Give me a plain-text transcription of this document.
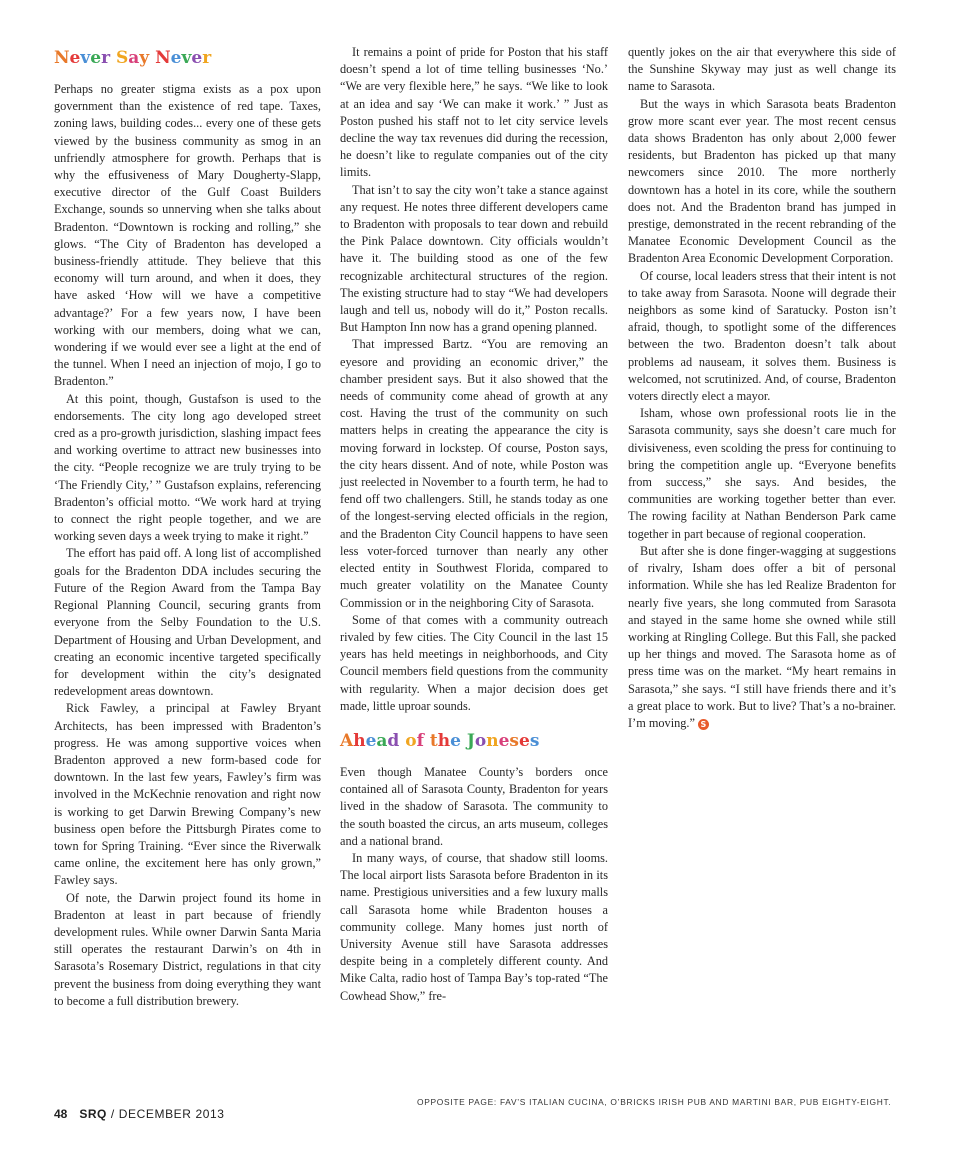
Never Say Never

Perhaps no greater stigma exists as a pox upon government than the existence of red tape. Taxes, zoning laws, building codes... every one of these gets viewed by the business community as smog in an unfriendly atmosphere for growth. Perhaps that is why the effusiveness of Mary Dougherty-Slapp, executive director of the Gulf Coast Builders Exchange, sounds so unnerving when she talks about Bradenton. “Downtown is rocking and rolling,” she glows. “The City of Bradenton has developed a business-friendly attitude. They believe that this economy will turn around, and when it does, they have asked ‘How will we have a competitive advantage?’ For a few years now, I have been working with our members, doing what we can, wondering if we would ever see a light at the end of the tunnel. When I need an injection of mojo, I go to Bradenton.”

At this point, though, Gustafson is used to the endorsements. The city long ago developed street cred as a pro-growth jurisdiction, slashing impact fees and working overtime to attract new businesses into the city. “People recognize we are truly trying to be ‘The Friendly City,’ ” Gustafson explains, referencing Bradenton’s official motto. “We work hard at trying to connect the right people together, and we are working seven days a week trying to make it right.”

The effort has paid off. A long list of accomplished goals for the Bradenton DDA includes securing the Future of the Region Award from the Tampa Bay Regional Planning Council, securing grants from everyone from the Selby Foundation to the U.S. Department of Housing and Urban Development, and creating an economic incentive targeted specifically for development within the city’s designated redevelopment areas downtown.

Rick Fawley, a principal at Fawley Bryant Architects, has been impressed with Bradenton’s progress. He was among supportive voices when Bradenton approved a new form-based code for downtown. In the last few years, Fawley’s firm was involved in the McKechnie renovation and right now is working to get Darwin Brewing Company’s new business open before the Pittsburgh Pirates come to town for Spring Training. “Ever since the Riverwalk came online, the excitement here has only grown,” Fawley says.

Of note, the Darwin project found its home in Bradenton at least in part because of friendly development rules. While owner Darwin Santa Maria still operates the restaurant Darwin’s on 4th in Sarasota’s Rosemary District, regulations in that city prevent the business from doing everything they want to become a full distribution brewery.

It remains a point of pride for Poston that his staff doesn’t spend a lot of time telling businesses ‘No.’ “We are very flexible here,” he says. “We like to look at an idea and say ‘We can make it work.’ ” Just as Poston pushed his staff not to let city service levels decline the way tax revenues did during the recession, he doesn’t like to regulate companies out of the city limits.

That isn’t to say the city won’t take a stance against any request. He notes three different developers came to Bradenton with proposals to tear down and rebuild the Pink Palace downtown. City officials wouldn’t have it. The building stood as one of the few recognizable architectural structures of the region. The existing structure had to stay “We had developers laugh and tell us, nobody will do it,” Poston recalls. But Hampton Inn now has a grand opening planned.

That impressed Bartz. “You are removing an eyesore and providing an economic driver,” the chamber president says. But it also showed that the needs of community come ahead of growth at any cost. Having the trust of the community on such matters helps in creating the appearance the city is moving forward in lockstep. Of course, Poston says, the city hears dissent. And of note, while Poston was just reelected in November to a fourth term, he had to fend off two challengers. Still, he stands today as one of the longest-serving elected officials in the region, and the Bradenton City Council happens to have seen less voter-forced turnover than nearly any other elected entity in Southwest Florida, compared to much greater volatility on the Manatee County Commission or in the neighboring City of Sarasota.

Some of that comes with a community outreach rivaled by few cities. The City Council in the last 15 years has held meetings in neighborhoods, and City Council members field questions from the community with regularity. When a major decision does get made, little uproar sounds.

Ahead of the Joneses

Even though Manatee County’s borders once contained all of Sarasota County, Bradenton for years lived in the shadow of Sarasota. The community to the south boasted the circus, an arts museum, colleges and a national brand.

In many ways, of course, that shadow still looms. The local airport lists Sarasota before Bradenton in its name. Prestigious universities and a few luxury malls call Sarasota home while Bradenton houses a community college. Many homes just north of University Avenue still have Sarasota addresses despite being in a completely different county. And Mike Calta, radio host of Tampa Bay’s top-rated “The Cowhead Show,” fre-

quently jokes on the air that everywhere this side of the Sunshine Skyway may just as well change its name to Sarasota.

But the ways in which Sarasota beats Bradenton grow more scant ever year. The most recent census data shows Bradenton has only about 2,000 fewer residents, but Bradenton has picked up that many newcomers since 2010. The more northerly downtown has a hotel in its core, while the southern does not. And the Bradenton brand has jumped in prestige, demonstrated in the recent rebranding of the Manatee Economic Development Council as the Bradenton Area Economic Development Corporation.

Of course, local leaders stress that their intent is not to take away from Sarasota. Noone will degrade their neighbors as some kind of Saratucky. Poston isn’t afraid, though, to spotlight some of the differences between the two. Bradenton doesn’t talk about problems ad nauseam, it solves them. Business is welcomed, not scrutinized. And, of course, Bradenton voters directly elect a mayor.

Isham, whose own professional roots lie in the Sarasota community, says she doesn’t care much for divisiveness, even scolding the press for continuing to bring the competition angle up. “Everyone benefits from success,” she says. And besides, the communities are working together better than ever. The rowing facility at Nathan Benderson Park came together in part because of regional cooperation.

But after she is done finger-wagging at suggestions of rivalry, Isham does offer a bit of personal information. While she has led Realize Bradenton for nearly five years, she long commuted from Sarasota and stayed in the same home she owned while still working at Ringling College. But this Fall, she packed up her things and moved. The Sarasota home as of press time was on the market. “My heart remains in Sarasota,” she says. “I still have friends there and it’s a great place to work. But to live? That’s a no-brainer. I’m moving.” S

OPPOSITE PAGE: FAV’S ITALIAN CUCINA, O’BRICKS IRISH PUB AND MARTINI BAR, PUB EIGHTY-EIGHT.
48 SRQ / DECEMBER 2013
